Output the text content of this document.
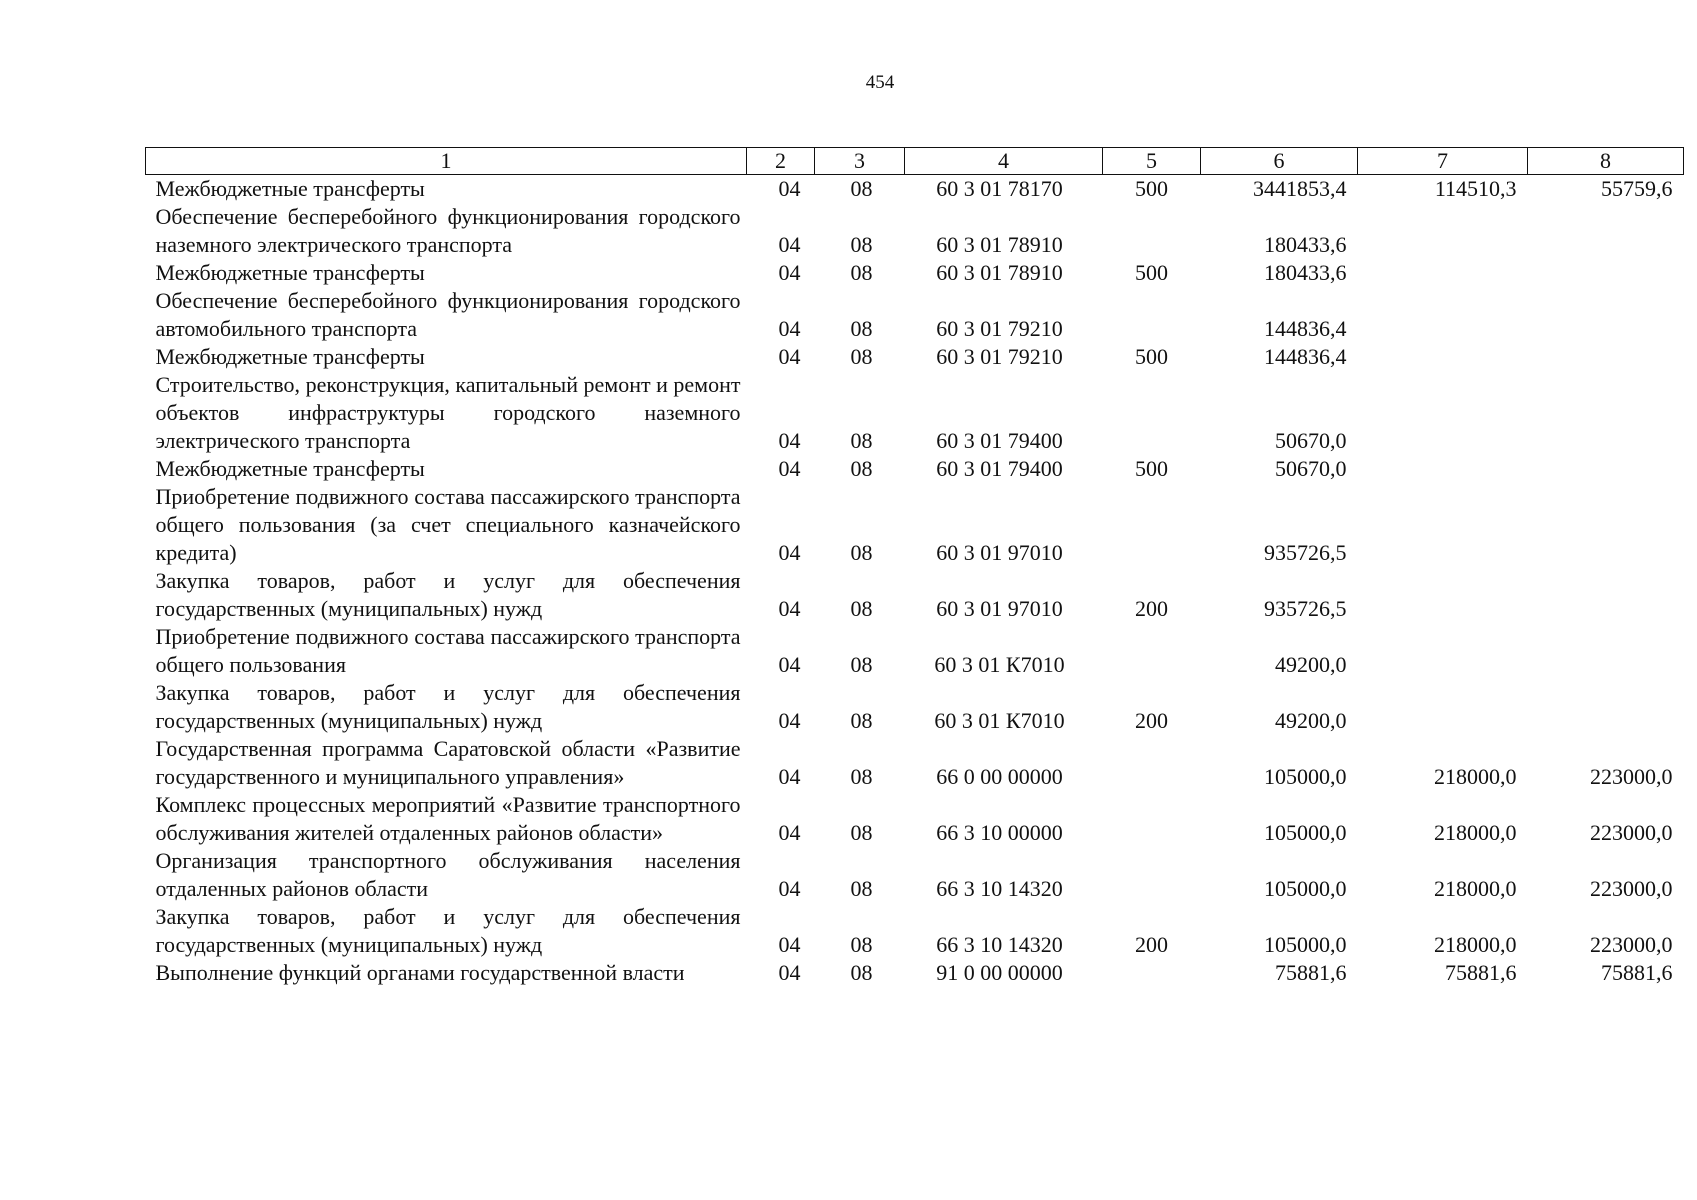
454
1	2	3	4	5	6	7	8
Межбюджетные трансферты	04	08	60 3 01 78170	500	3441853,4	114510,3	55759,6
Обеспечение бесперебойного функционирования городского наземного электрического транспорта	04	08	60 3 01 78910		180433,6		
Межбюджетные трансферты	04	08	60 3 01 78910	500	180433,6		
Обеспечение бесперебойного функционирования городского автомобильного транспорта	04	08	60 3 01 79210		144836,4		
Межбюджетные трансферты	04	08	60 3 01 79210	500	144836,4		
Строительство, реконструкция, капитальный ремонт и ремонт объектов инфраструктуры городского наземного электрического транспорта	04	08	60 3 01 79400		50670,0		
Межбюджетные трансферты	04	08	60 3 01 79400	500	50670,0		
Приобретение подвижного состава пассажирского транспорта общего пользования (за счет специального казначейского кредита)	04	08	60 3 01 97010		935726,5		
Закупка товаров, работ и услуг для обеспечения государственных (муниципальных) нужд	04	08	60 3 01 97010	200	935726,5		
Приобретение подвижного состава пассажирского транспорта общего пользования	04	08	60 3 01 К7010		49200,0		
Закупка товаров, работ и услуг для обеспечения государственных (муниципальных) нужд	04	08	60 3 01 К7010	200	49200,0		
Государственная программа Саратовской области «Развитие государственного и муниципального управления»	04	08	66 0 00 00000		105000,0	218000,0	223000,0
Комплекс процессных мероприятий «Развитие транспортного обслуживания жителей отдаленных районов области»	04	08	66 3 10 00000		105000,0	218000,0	223000,0
Организация транспортного обслуживания населения отдаленных районов области	04	08	66 3 10 14320		105000,0	218000,0	223000,0
Закупка товаров, работ и услуг для обеспечения государственных (муниципальных) нужд	04	08	66 3 10 14320	200	105000,0	218000,0	223000,0
Выполнение функций органами государственной власти	04	08	91 0 00 00000		75881,6	75881,6	75881,6
